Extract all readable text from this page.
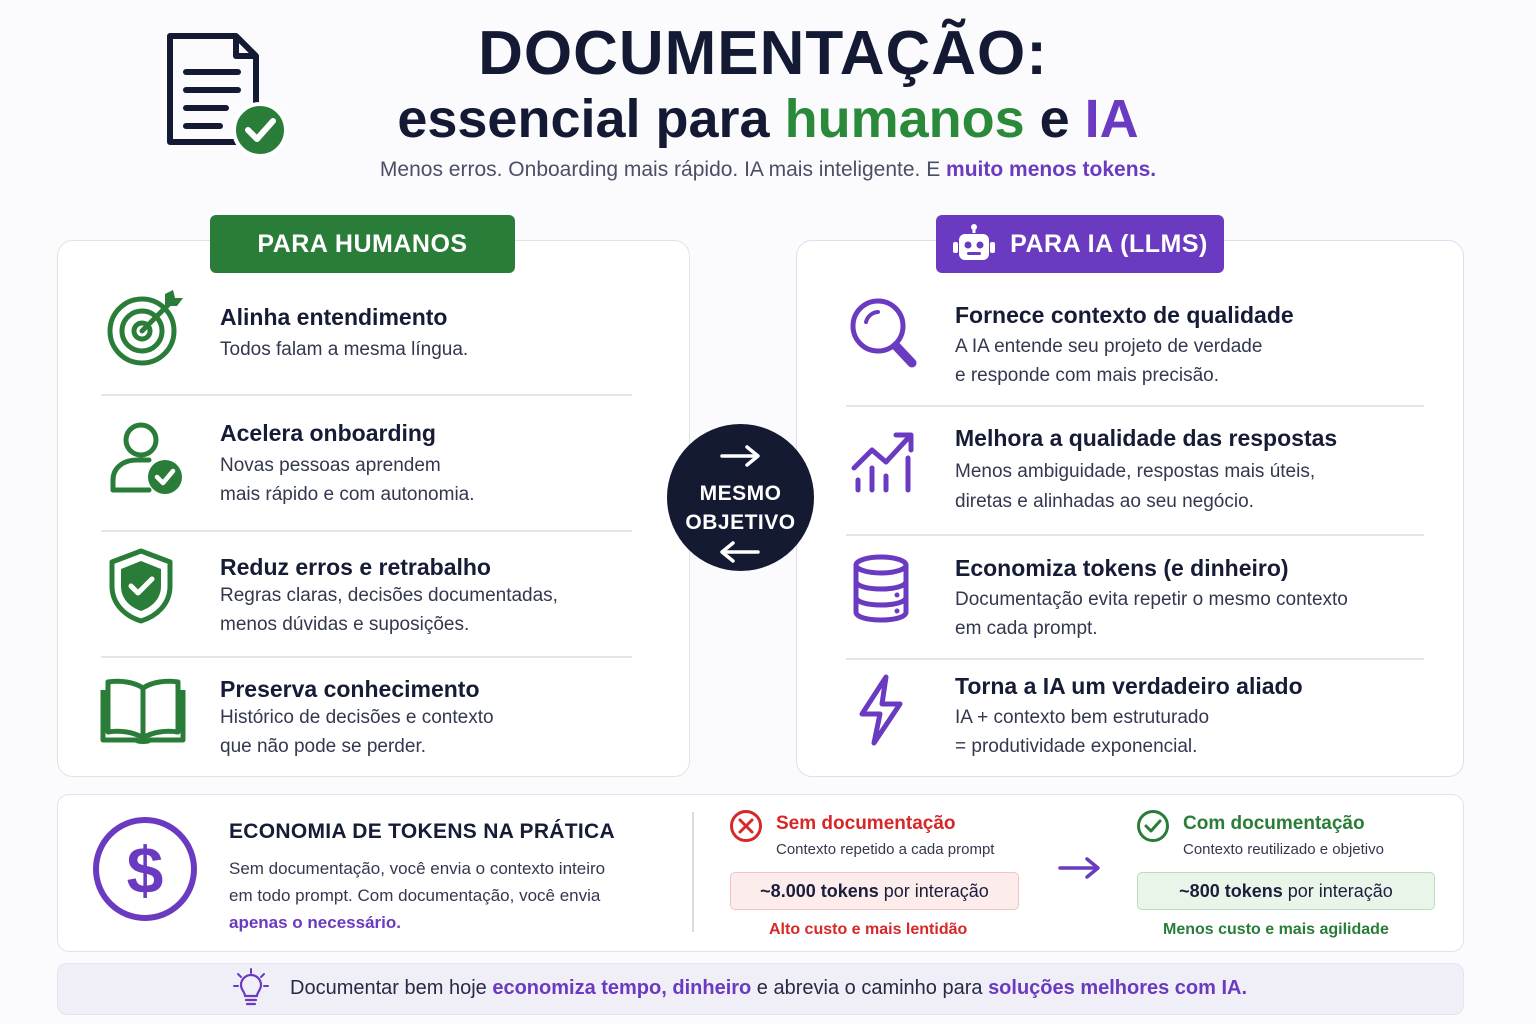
DOCUMENTAÇÃO:
essencial para humanos e IA
Menos erros. Onboarding mais rápido. IA mais inteligente. E muito menos tokens.
PARA HUMANOS	PARA IA (LLMS)
Alinha entendimento
Todos falam a mesma língua.
Acelera onboarding
Novas pessoas aprendem
mais rápido e com autonomia.
Reduz erros e retrabalho
Regras claras, decisões documentadas,
menos dúvidas e suposições.
Preserva conhecimento
Histórico de decisões e contexto
que não pode se perder.
Fornece contexto de qualidade
A IA entende seu projeto de verdade
e responde com mais precisão.
Melhora a qualidade das respostas
Menos ambiguidade, respostas mais úteis,
diretas e alinhadas ao seu negócio.
Economiza tokens (e dinheiro)
Documentação evita repetir o mesmo contexto
em cada prompt.
Torna a IA um verdadeiro aliado
IA + contexto bem estruturado
= produtividade exponencial.
MESMO
OBJETIVO
$
ECONOMIA DE TOKENS NA PRÁTICA
Sem documentação, você envia o contexto inteiro
em todo prompt. Com documentação, você envia
apenas o necessário.
Sem documentação
Contexto repetido a cada prompt
~8.000 tokens por interação
Alto custo e mais lentidão
Com documentação
Contexto reutilizado e objetivo
~800 tokens por interação
Menos custo e mais agilidade
Documentar bem hoje economiza tempo, dinheiro e abrevia o caminho para soluções melhores com IA.
